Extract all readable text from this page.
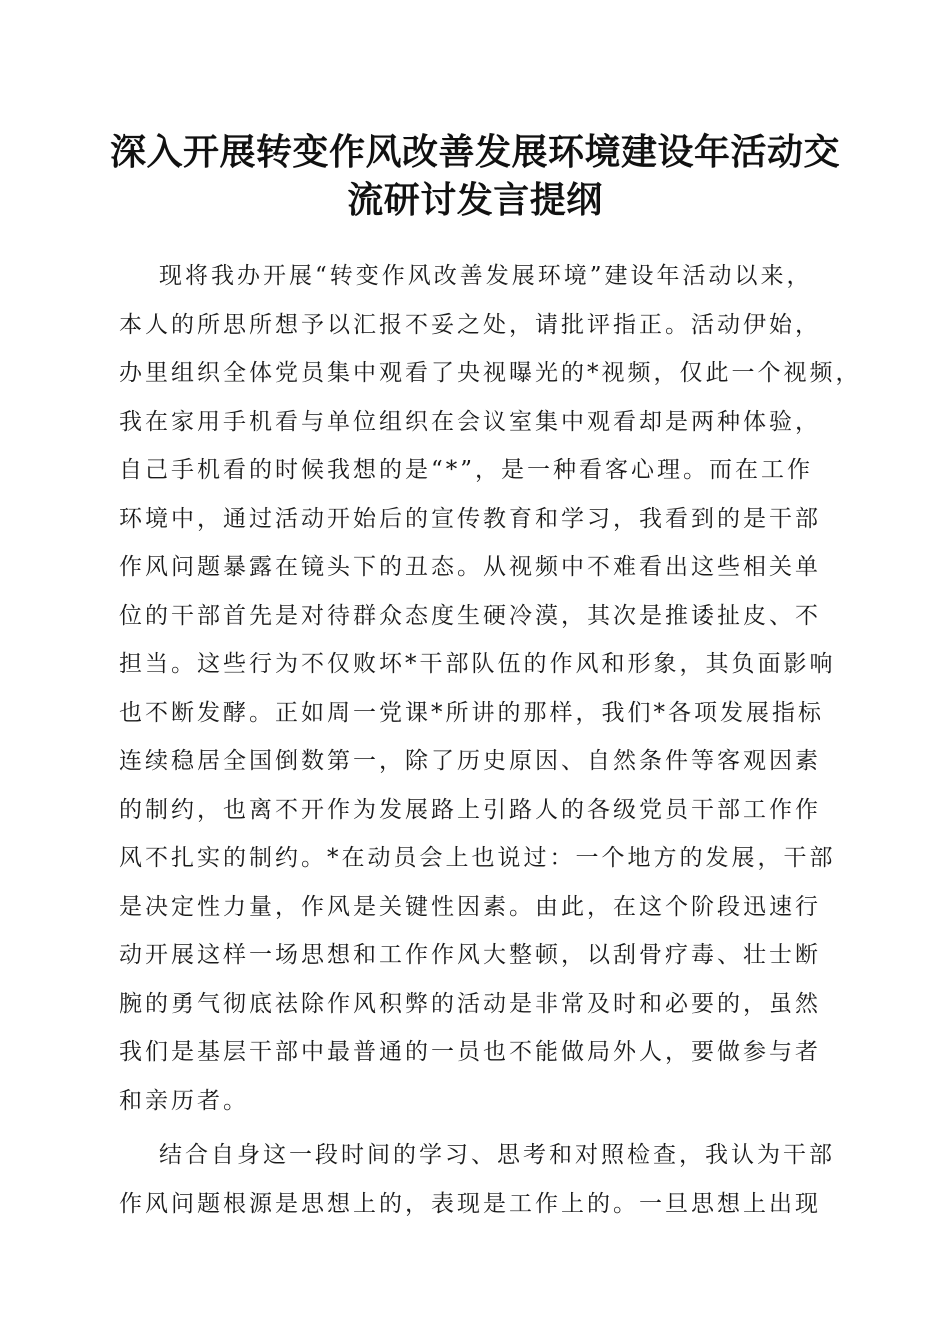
深入开展转变作风改善发展环境建设年活动交
流研讨发言提纲
现将我办开展“转变作风改善发展环境”建设年活动以来，
本人的所思所想予以汇报不妥之处，请批评指正。活动伊始，
办里组织全体党员集中观看了央视曝光的*视频，仅此一个视频，
我在家用手机看与单位组织在会议室集中观看却是两种体验，
自己手机看的时候我想的是“*”，是一种看客心理。而在工作
环境中，通过活动开始后的宣传教育和学习，我看到的是干部
作风问题暴露在镜头下的丑态。从视频中不难看出这些相关单
位的干部首先是对待群众态度生硬冷漠，其次是推诿扯皮、不
担当。这些行为不仅败坏*干部队伍的作风和形象，其负面影响
也不断发酵。正如周一党课*所讲的那样，我们*各项发展指标
连续稳居全国倒数第一，除了历史原因、自然条件等客观因素
的制约，也离不开作为发展路上引路人的各级党员干部工作作
风不扎实的制约。*在动员会上也说过：一个地方的发展，干部
是决定性力量，作风是关键性因素。由此，在这个阶段迅速行
动开展这样一场思想和工作作风大整顿，以刮骨疗毒、壮士断
腕的勇气彻底祛除作风积弊的活动是非常及时和必要的，虽然
我们是基层干部中最普通的一员也不能做局外人，要做参与者
和亲历者。
结合自身这一段时间的学习、思考和对照检查，我认为干部
作风问题根源是思想上的，表现是工作上的。一旦思想上出现
